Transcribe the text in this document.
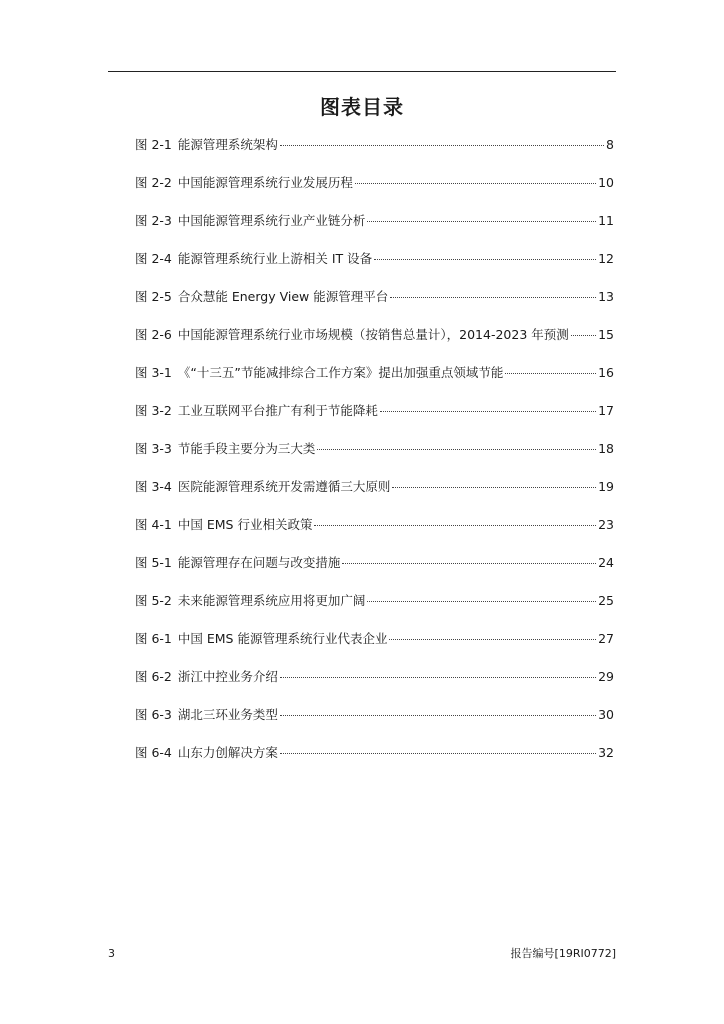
图表目录
图 2-1 能源管理系统架构	8
图 2-2 中国能源管理系统行业发展历程	10
图 2-3 中国能源管理系统行业产业链分析	11
图 2-4 能源管理系统行业上游相关 IT 设备	12
图 2-5 合众慧能 Energy View 能源管理平台	13
图 2-6 中国能源管理系统行业市场规模（按销售总量计），2014-2023 年预测 15
图 3-1 《“十三五”节能减排综合工作方案》提出加强重点领域节能	16
图 3-2 工业互联网平台推广有利于节能降耗	17
图 3-3 节能手段主要分为三大类	18
图 3-4 医院能源管理系统开发需遵循三大原则	19
图 4-1 中国 EMS 行业相关政策	23
图 5-1 能源管理存在问题与改变措施	24
图 5-2 未来能源管理系统应用将更加广阔	25
图 6-1 中国 EMS 能源管理系统行业代表企业	27
图 6-2 浙江中控业务介绍	29
图 6-3 湖北三环业务类型	30
图 6-4 山东力创解决方案	32
3	报告编号[19RI0772]
